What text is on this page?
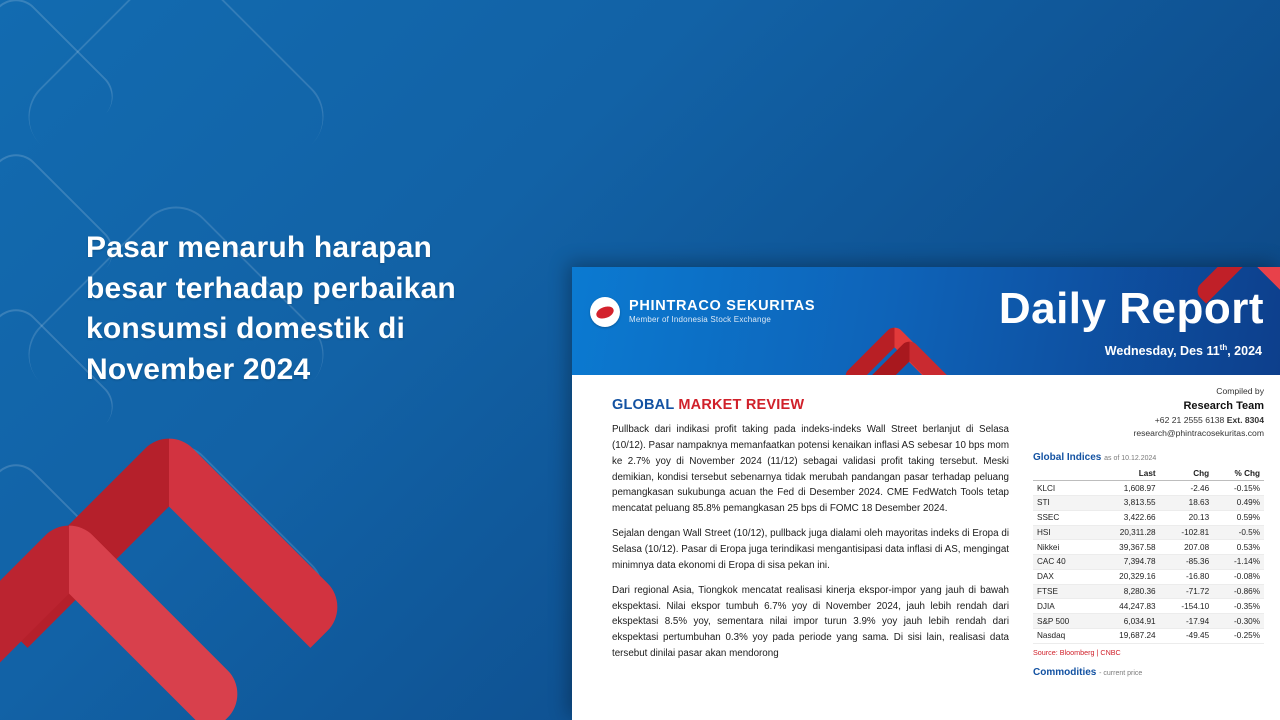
Pasar menaruh harapan besar terhadap perbaikan konsumsi domestik di November 2024
PHINTRACO SEKURITAS
Member of Indonesia Stock Exchange	Daily Report
Wednesday, Des 11th, 2024
GLOBAL MARKET REVIEW

Pullback dari indikasi profit taking pada indeks-indeks Wall Street berlanjut di Selasa (10/12). Pasar nampaknya memanfaatkan potensi kenaikan inflasi AS sebesar 10 bps mom ke 2.7% yoy di November 2024 (11/12) sebagai validasi profit taking tersebut. Meski demikian, kondisi tersebut sebenarnya tidak merubah pandangan pasar terhadap peluang pemangkasan sukubunga acuan the Fed di Desember 2024. CME FedWatch Tools tetap mencatat peluang 85.8% pemangkasan 25 bps di FOMC 18 Desember 2024.

Sejalan dengan Wall Street (10/12), pullback juga dialami oleh mayoritas indeks di Eropa di Selasa (10/12). Pasar di Eropa juga terindikasi mengantisipasi data inflasi di AS, mengingat minimnya data ekonomi di Eropa di sisa pekan ini.

Dari regional Asia, Tiongkok mencatat realisasi kinerja ekspor-impor yang jauh di bawah ekspektasi. Nilai ekspor tumbuh 6.7% yoy di November 2024, jauh lebih rendah dari ekspektasi 8.5% yoy, sementara nilai impor turun 3.9% yoy jauh lebih rendah dari ekspektasi pertumbuhan 0.3% yoy pada periode yang sama. Di sisi lain, realisasi data tersebut dinilai pasar akan mendorong

Compiled by
Research Team
+62 21 2555 6138 Ext. 8304
research@phintracosekuritas.com
Global Indices as of 10.12.2024
	Last	Chg	% Chg
KLCI	1,608.97	-2.46	-0.15%
STI	3,813.55	18.63	0.49%
SSEC	3,422.66	20.13	0.59%
HSI	20,311.28	-102.81	-0.5%
Nikkei	39,367.58	207.08	0.53%
CAC 40	7,394.78	-85.36	-1.14%
DAX	20,329.16	-16.80	-0.08%
FTSE	8,280.36	-71.72	-0.86%
DJIA	44,247.83	-154.10	-0.35%
S&P 500	6,034.91	-17.94	-0.30%
Nasdaq	19,687.24	-49.45	-0.25%
Source: Bloomberg | CNBC
Commodities - current price
